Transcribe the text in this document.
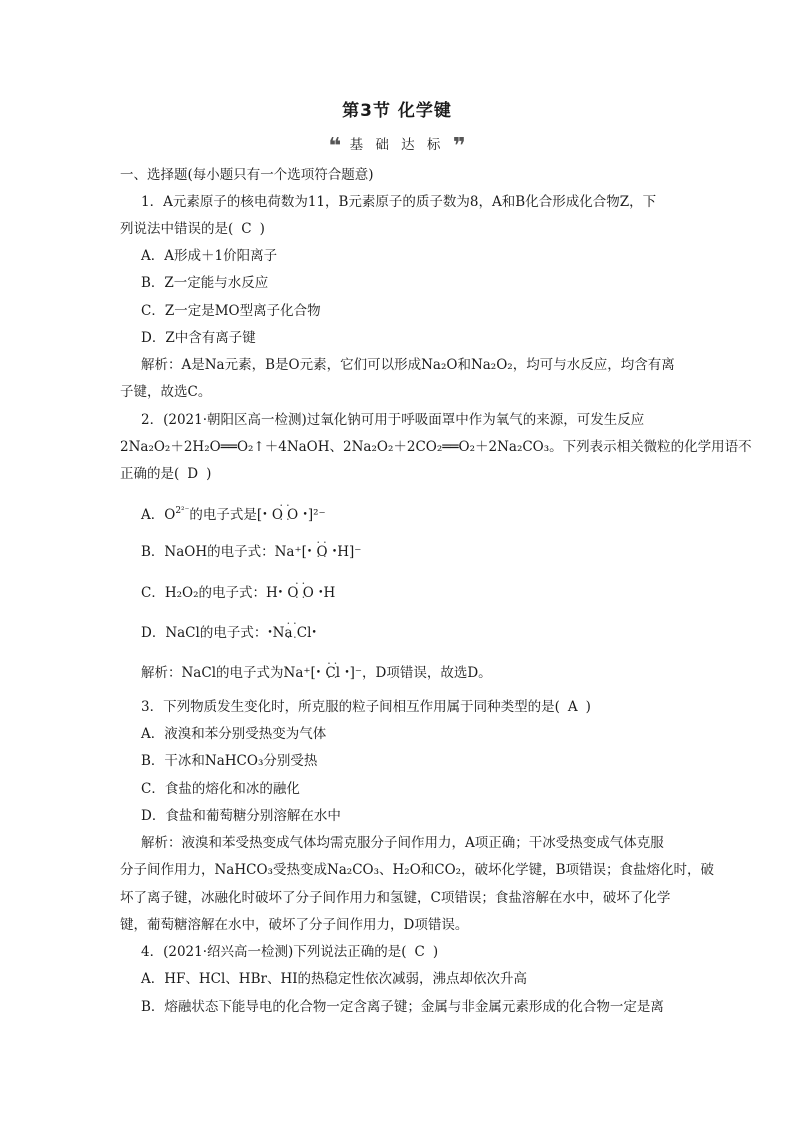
第3节 化学键
❝ 基 础 达 标 ❞
一、选择题(每小题只有一个选项符合题意)
1．A元素原子的核电荷数为11，B元素原子的质子数为8，A和B化合形成化合物Z，下
列说法中错误的是( C )
A．A形成＋1价阳离子
B．Z一定能与水反应
C．Z一定是MO型离子化合物
D．Z中含有离子键
解析：A是Na元素，B是O元素，它们可以形成Na₂O和Na₂O₂，均可与水反应，均含有离
子键，故选C。
2．(2021·朝阳区高一检测)过氧化钠可用于呼吸面罩中作为氧气的来源，可发生反应
2Na₂O₂＋2H₂O══O₂↑＋4NaOH、2Na₂O₂＋2CO₂══O₂＋2Na₂CO₃。下列表示相关微粒的化学用语不
正确的是( D )
A．$O^{2^{2-}}$的电子式是[• • • O O • • •]²⁻
B．NaOH的电子式：Na⁺[• • • O • • •H]⁻
C．H₂O₂的电子式：H• • • O O • • •H
D．NaCl的电子式：•• • Na Cl • ••
解析：NaCl的电子式为Na⁺[• • • Cl • • •]⁻，D项错误，故选D。
3．下列物质发生变化时，所克服的粒子间相互作用属于同种类型的是( A )
A．液溴和苯分别受热变为气体
B．干冰和NaHCO₃分别受热
C．食盐的熔化和冰的融化
D．食盐和葡萄糖分别溶解在水中
解析：液溴和苯受热变成气体均需克服分子间作用力，A项正确；干冰受热变成气体克服
分子间作用力，NaHCO₃受热变成Na₂CO₃、H₂O和CO₂，破坏化学键，B项错误；食盐熔化时，破
坏了离子键，冰融化时破坏了分子间作用力和氢键，C项错误；食盐溶解在水中，破坏了化学
键，葡萄糖溶解在水中，破坏了分子间作用力，D项错误。
4．(2021·绍兴高一检测)下列说法正确的是( C )
A．HF、HCl、HBr、HI的热稳定性依次减弱，沸点却依次升高
B．熔融状态下能导电的化合物一定含离子键；金属与非金属元素形成的化合物一定是离
